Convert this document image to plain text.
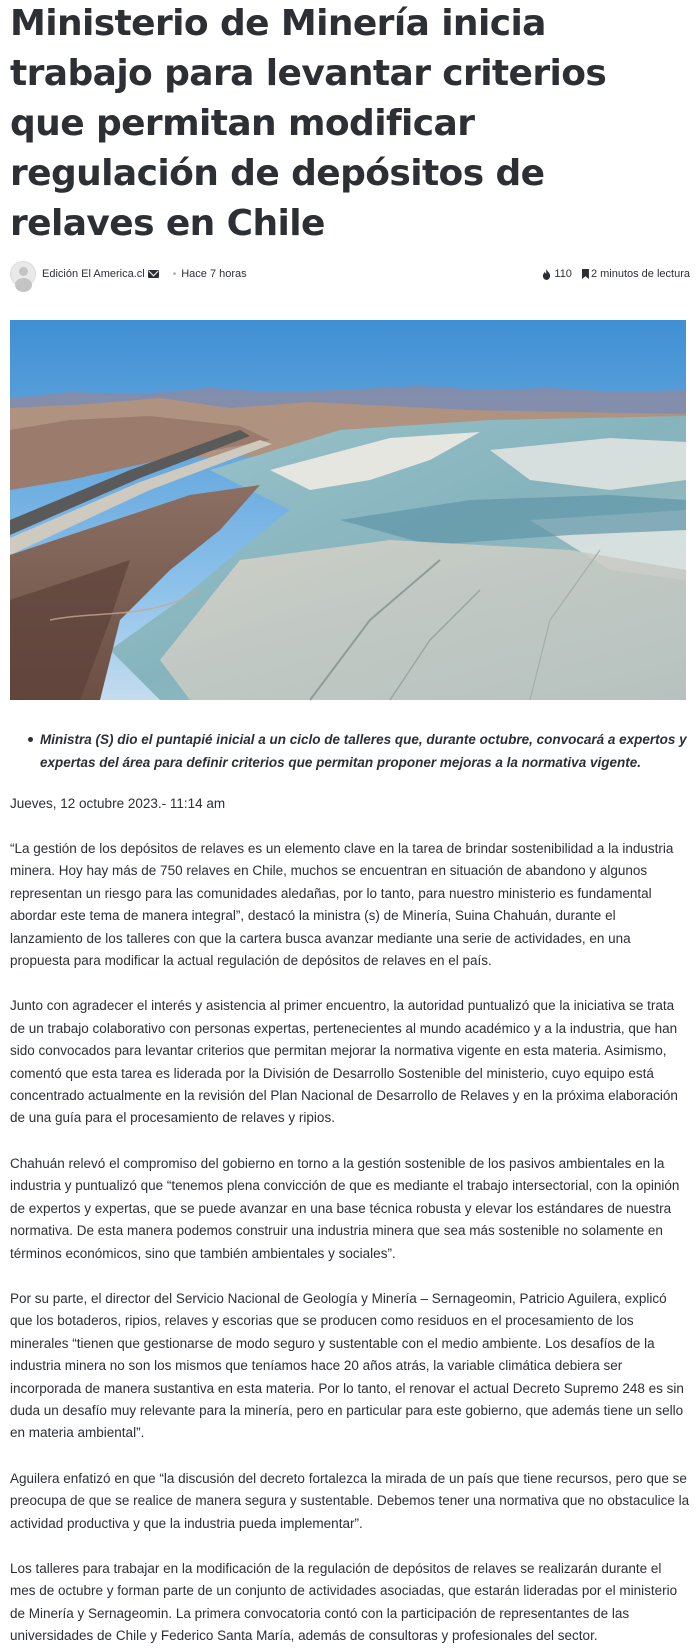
Ministerio de Minería inicia trabajo para levantar criterios que permitan modificar regulación de depósitos de relaves en Chile
Edición El America.cl	• Hace 7 horas	110 2 minutos de lectura
Ministra (S) dio el puntapié inicial a un ciclo de talleres que, durante octubre, convocará a expertos y expertas del área para definir criterios que permitan proponer mejoras a la normativa vigente.

Jueves, 12 octubre 2023.- 11:14 am

“La gestión de los depósitos de relaves es un elemento clave en la tarea de brindar sostenibilidad a la industria minera. Hoy hay más de 750 relaves en Chile, muchos se encuentran en situación de abandono y algunos representan un riesgo para las comunidades aledañas, por lo tanto, para nuestro ministerio es fundamental abordar este tema de manera integral”, destacó la ministra (s) de Minería, Suina Chahuán, durante el lanzamiento de los talleres con que la cartera busca avanzar mediante una serie de actividades, en una propuesta para modificar la actual regulación de depósitos de relaves en el país.

Junto con agradecer el interés y asistencia al primer encuentro, la autoridad puntualizó que la iniciativa se trata de un trabajo colaborativo con personas expertas, pertenecientes al mundo académico y a la industria, que han sido convocados para levantar criterios que permitan mejorar la normativa vigente en esta materia. Asimismo, comentó que esta tarea es liderada por la División de Desarrollo Sostenible del ministerio, cuyo equipo está concentrado actualmente en la revisión del Plan Nacional de Desarrollo de Relaves y en la próxima elaboración de una guía para el procesamiento de relaves y ripios.

Chahuán relevó el compromiso del gobierno en torno a la gestión sostenible de los pasivos ambientales en la industria y puntualizó que “tenemos plena convicción de que es mediante el trabajo intersectorial, con la opinión de expertos y expertas, que se puede avanzar en una base técnica robusta y elevar los estándares de nuestra normativa. De esta manera podemos construir una industria minera que sea más sostenible no solamente en términos económicos, sino que también ambientales y sociales”.

Por su parte, el director del Servicio Nacional de Geología y Minería – Sernageomin, Patricio Aguilera, explicó que los botaderos, ripios, relaves y escorias que se producen como residuos en el procesamiento de los minerales “tienen que gestionarse de modo seguro y sustentable con el medio ambiente. Los desafíos de la industria minera no son los mismos que teníamos hace 20 años atrás, la variable climática debiera ser incorporada de manera sustantiva en esta materia. Por lo tanto, el renovar el actual Decreto Supremo 248 es sin duda un desafío muy relevante para la minería, pero en particular para este gobierno, que además tiene un sello en materia ambiental”.

Aguilera enfatizó en que “la discusión del decreto fortalezca la mirada de un país que tiene recursos, pero que se preocupa de que se realice de manera segura y sustentable. Debemos tener una normativa que no obstaculice la actividad productiva y que la industria pueda implementar”.

Los talleres para trabajar en la modificación de la regulación de depósitos de relaves se realizarán durante el mes de octubre y forman parte de un conjunto de actividades asociadas, que estarán lideradas por el ministerio de Minería y Sernageomin. La primera convocatoria contó con la participación de representantes de las universidades de Chile y Federico Santa María, además de consultoras y profesionales del sector.
